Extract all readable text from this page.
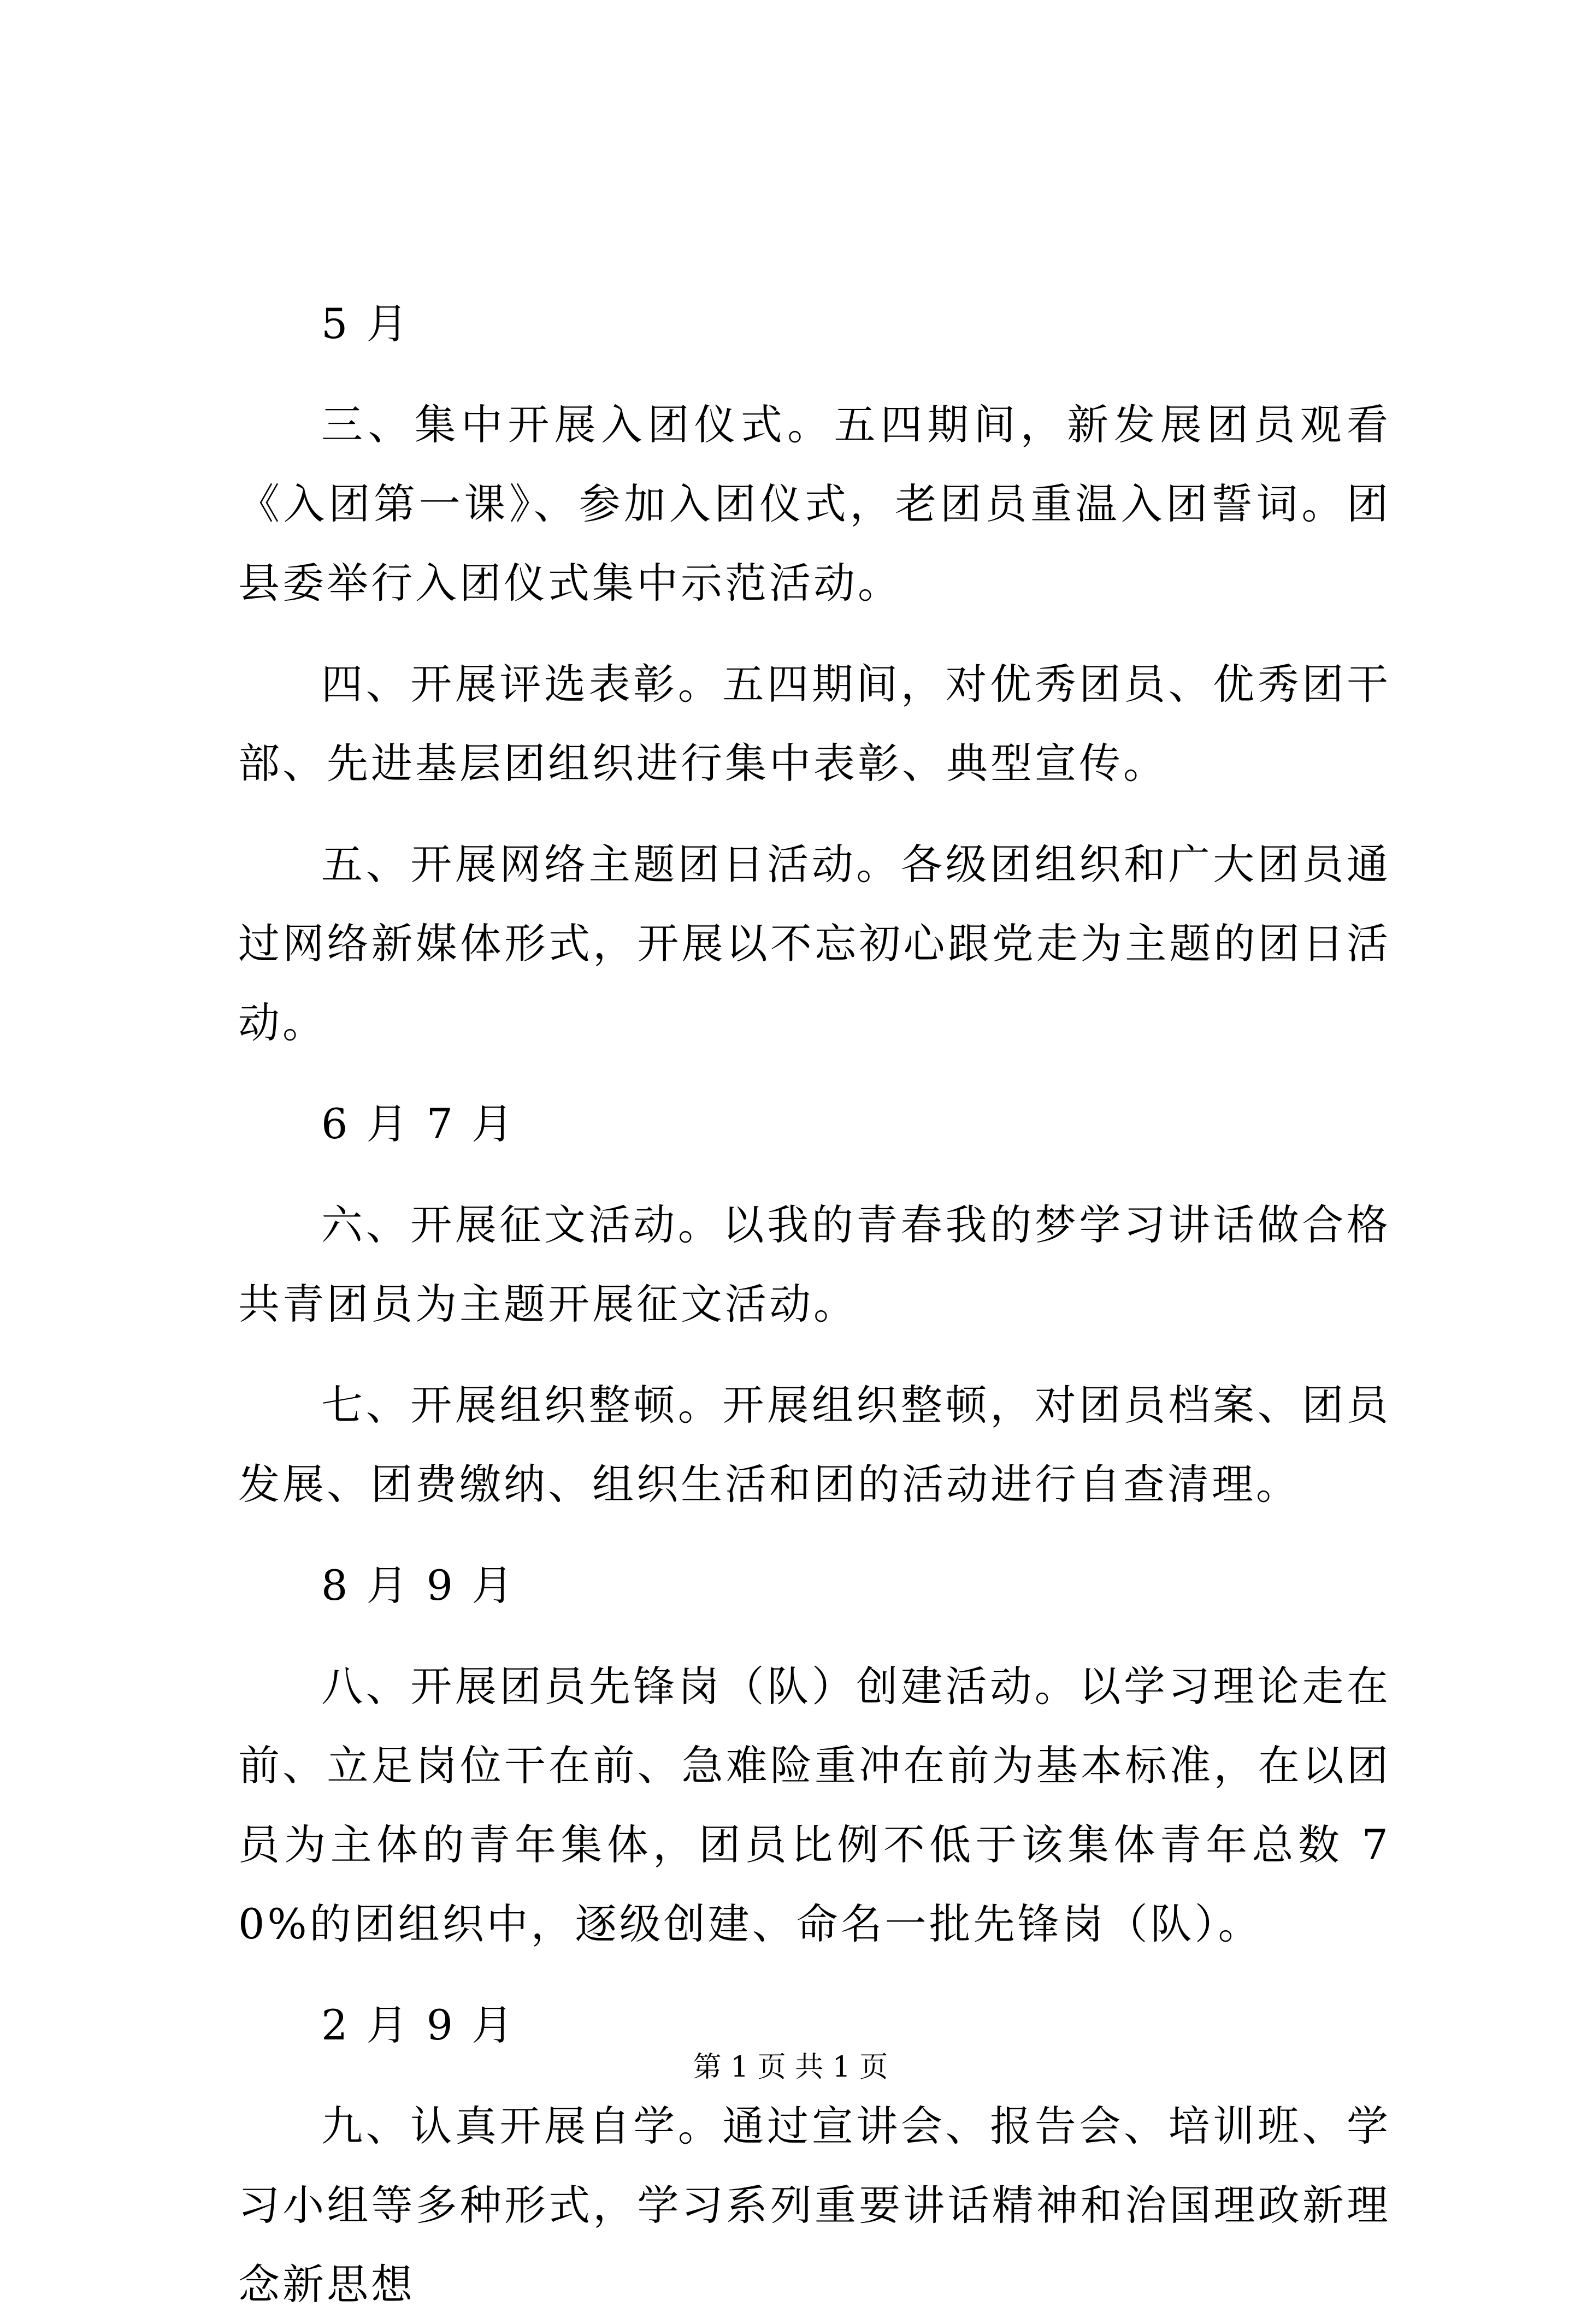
5 月

三、集中开展入团仪式。五四期间，新发展团员观看《入团第一课》、参加入团仪式，老团员重温入团誓词。团县委举行入团仪式集中示范活动。

四、开展评选表彰。五四期间，对优秀团员、优秀团干部、先进基层团组织进行集中表彰、典型宣传。

五、开展网络主题团日活动。各级团组织和广大团员通过网络新媒体形式，开展以不忘初心跟党走为主题的团日活动。

6 月 7 月

六、开展征文活动。以我的青春我的梦学习讲话做合格共青团员为主题开展征文活动。

七、开展组织整顿。开展组织整顿，对团员档案、团员发展、团费缴纳、组织生活和团的活动进行自查清理。

8 月 9 月

八、开展团员先锋岗（队）创建活动。以学习理论走在前、立足岗位干在前、急难险重冲在前为基本标准，在以团员为主体的青年集体，团员比例不低于该集体青年总数 70%的团组织中，逐级创建、命名一批先锋岗（队）。

2 月 9 月

九、认真开展自学。通过宣讲会、报告会、培训班、学习小组等多种形式，学习系列重要讲话精神和治国理政新理念新思想

第 1 页 共 1 页
